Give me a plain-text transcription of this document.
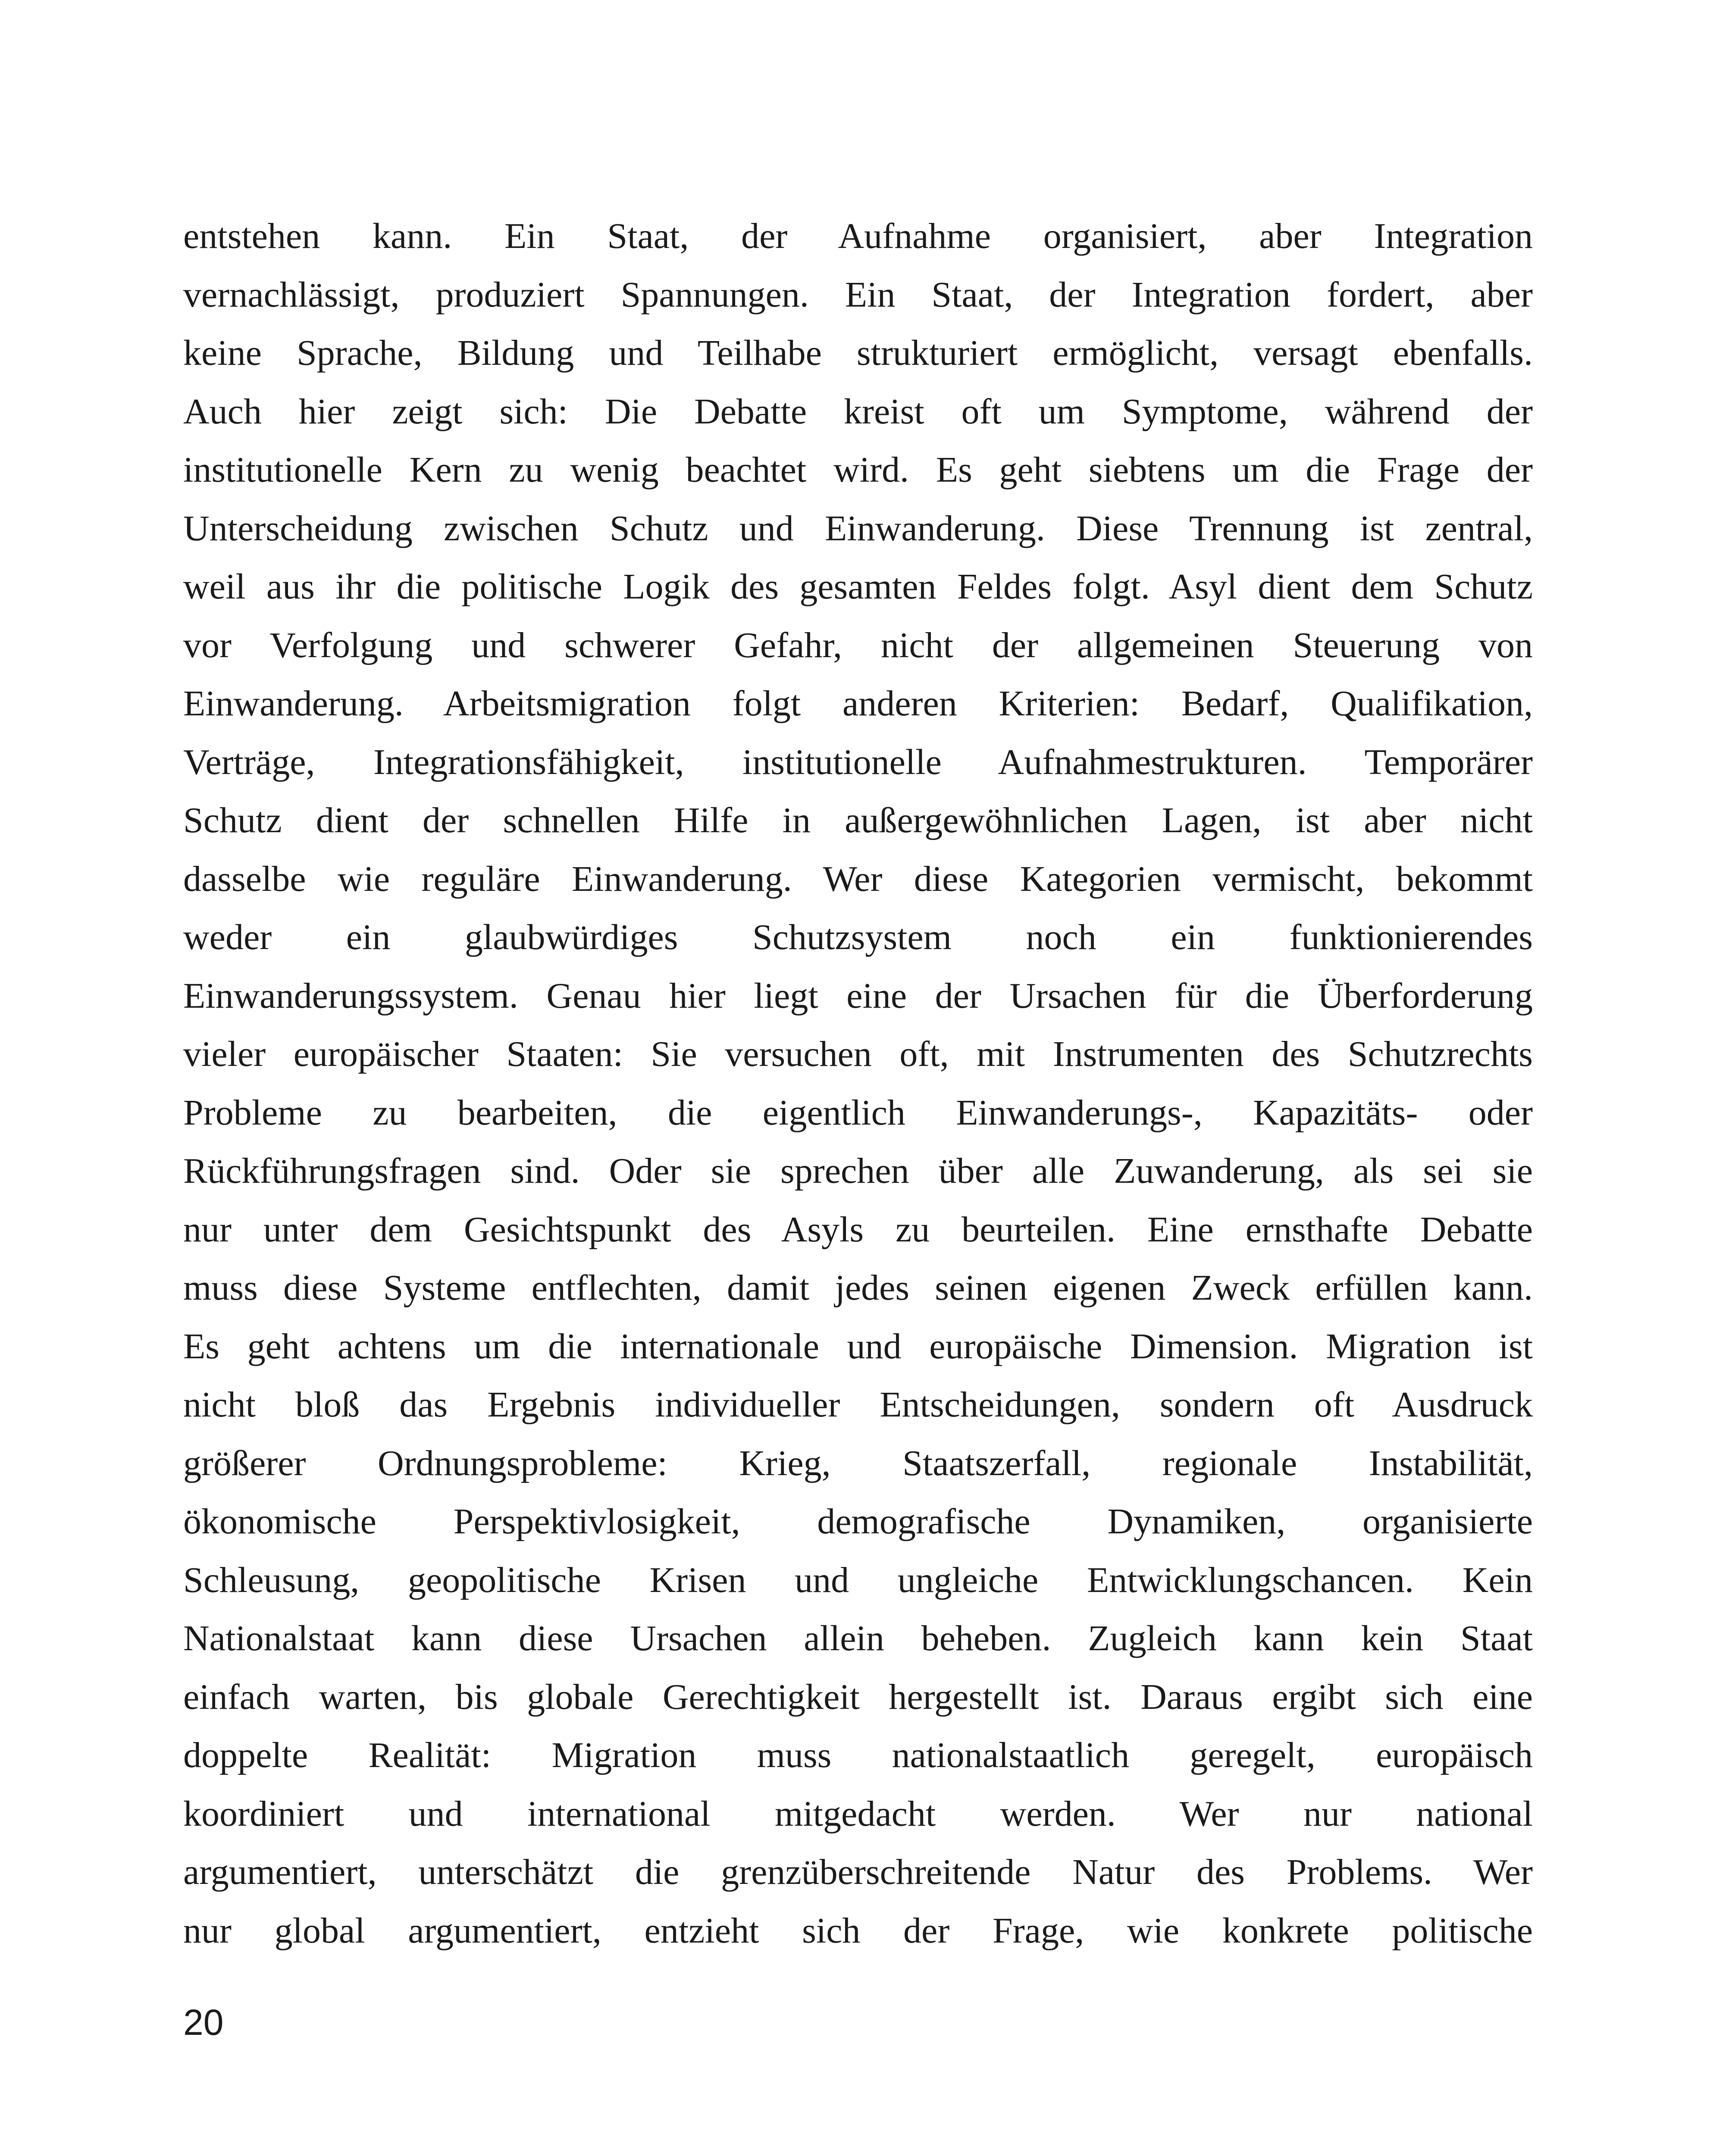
entstehen kann. Ein Staat, der Aufnahme organisiert, aber Integration
vernachlässigt, produziert Spannungen. Ein Staat, der Integration fordert, aber
keine Sprache, Bildung und Teilhabe strukturiert ermöglicht, versagt ebenfalls.
Auch hier zeigt sich: Die Debatte kreist oft um Symptome, während der
institutionelle Kern zu wenig beachtet wird. Es geht siebtens um die Frage der
Unterscheidung zwischen Schutz und Einwanderung. Diese Trennung ist zentral,
weil aus ihr die politische Logik des gesamten Feldes folgt. Asyl dient dem Schutz
vor Verfolgung und schwerer Gefahr, nicht der allgemeinen Steuerung von
Einwanderung. Arbeitsmigration folgt anderen Kriterien: Bedarf, Qualifikation,
Verträge, Integrationsfähigkeit, institutionelle Aufnahmestrukturen. Temporärer
Schutz dient der schnellen Hilfe in außergewöhnlichen Lagen, ist aber nicht
dasselbe wie reguläre Einwanderung. Wer diese Kategorien vermischt, bekommt
weder ein glaubwürdiges Schutzsystem noch ein funktionierendes
Einwanderungssystem. Genau hier liegt eine der Ursachen für die Überforderung
vieler europäischer Staaten: Sie versuchen oft, mit Instrumenten des Schutzrechts
Probleme zu bearbeiten, die eigentlich Einwanderungs-, Kapazitäts- oder
Rückführungsfragen sind. Oder sie sprechen über alle Zuwanderung, als sei sie
nur unter dem Gesichtspunkt des Asyls zu beurteilen. Eine ernsthafte Debatte
muss diese Systeme entflechten, damit jedes seinen eigenen Zweck erfüllen kann.
Es geht achtens um die internationale und europäische Dimension. Migration ist
nicht bloß das Ergebnis individueller Entscheidungen, sondern oft Ausdruck
größerer Ordnungsprobleme: Krieg, Staatszerfall, regionale Instabilität,
ökonomische Perspektivlosigkeit, demografische Dynamiken, organisierte
Schleusung, geopolitische Krisen und ungleiche Entwicklungschancen. Kein
Nationalstaat kann diese Ursachen allein beheben. Zugleich kann kein Staat
einfach warten, bis globale Gerechtigkeit hergestellt ist. Daraus ergibt sich eine
doppelte Realität: Migration muss nationalstaatlich geregelt, europäisch
koordiniert und international mitgedacht werden. Wer nur national
argumentiert, unterschätzt die grenzüberschreitende Natur des Problems. Wer
nur global argumentiert, entzieht sich der Frage, wie konkrete politische
20
